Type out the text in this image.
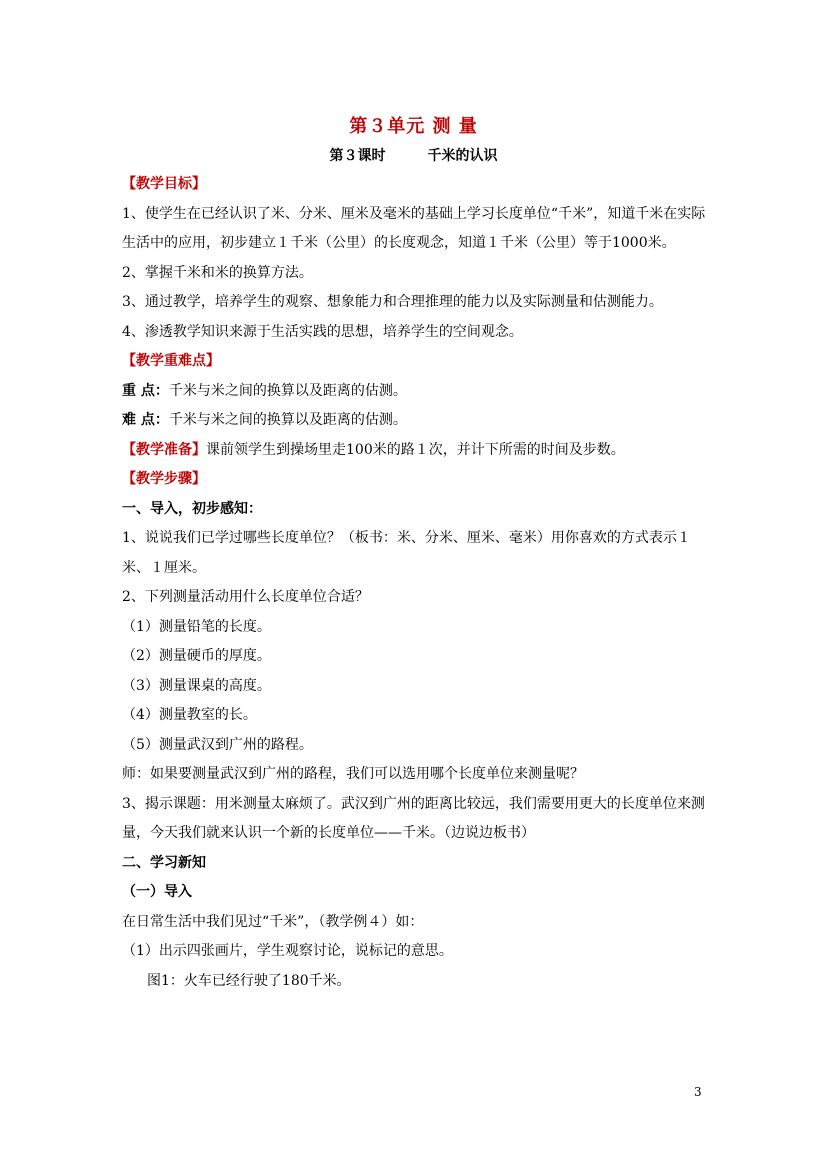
第３单元 测 量
第３课时	千米的认识

【教学目标】

1、使学生在已经认识了米、分米、厘米及毫米的基础上学习长度单位“千米”，知道千米在实际生活中的应用，初步建立１千米（公里）的长度观念，知道１千米（公里）等于1000米。

2、掌握千米和米的换算方法。

3、通过教学，培养学生的观察、想象能力和合理推理的能力以及实际测量和估测能力。

4、渗透教学知识来源于生活实践的思想，培养学生的空间观念。

【教学重难点】

重 点：千米与米之间的换算以及距离的估测。

难 点：千米与米之间的换算以及距离的估测。

【教学准备】课前领学生到操场里走100米的路１次，并计下所需的时间及步数。

【教学步骤】

一、导入，初步感知：

1、说说我们已学过哪些长度单位？（板书：米、分米、厘米、毫米）用你喜欢的方式表示１米、１厘米。

2、下列测量活动用什么长度单位合适？

（1）测量铅笔的长度。

（2）测量硬币的厚度。

（3）测量课桌的高度。

（4）测量教室的长。

（5）测量武汉到广州的路程。

师：如果要测量武汉到广州的路程，我们可以选用哪个长度单位来测量呢？

3、揭示课题：用米测量太麻烦了。武汉到广州的距离比较远，我们需要用更大的长度单位来测量，今天我们就来认识一个新的长度单位——千米。（边说边板书）

二、学习新知

（一）导入

在日常生活中我们见过“千米”，（教学例４）如：

（1）出示四张画片，学生观察讨论，说标记的意思。

图1：火车已经行驶了180千米。

3
